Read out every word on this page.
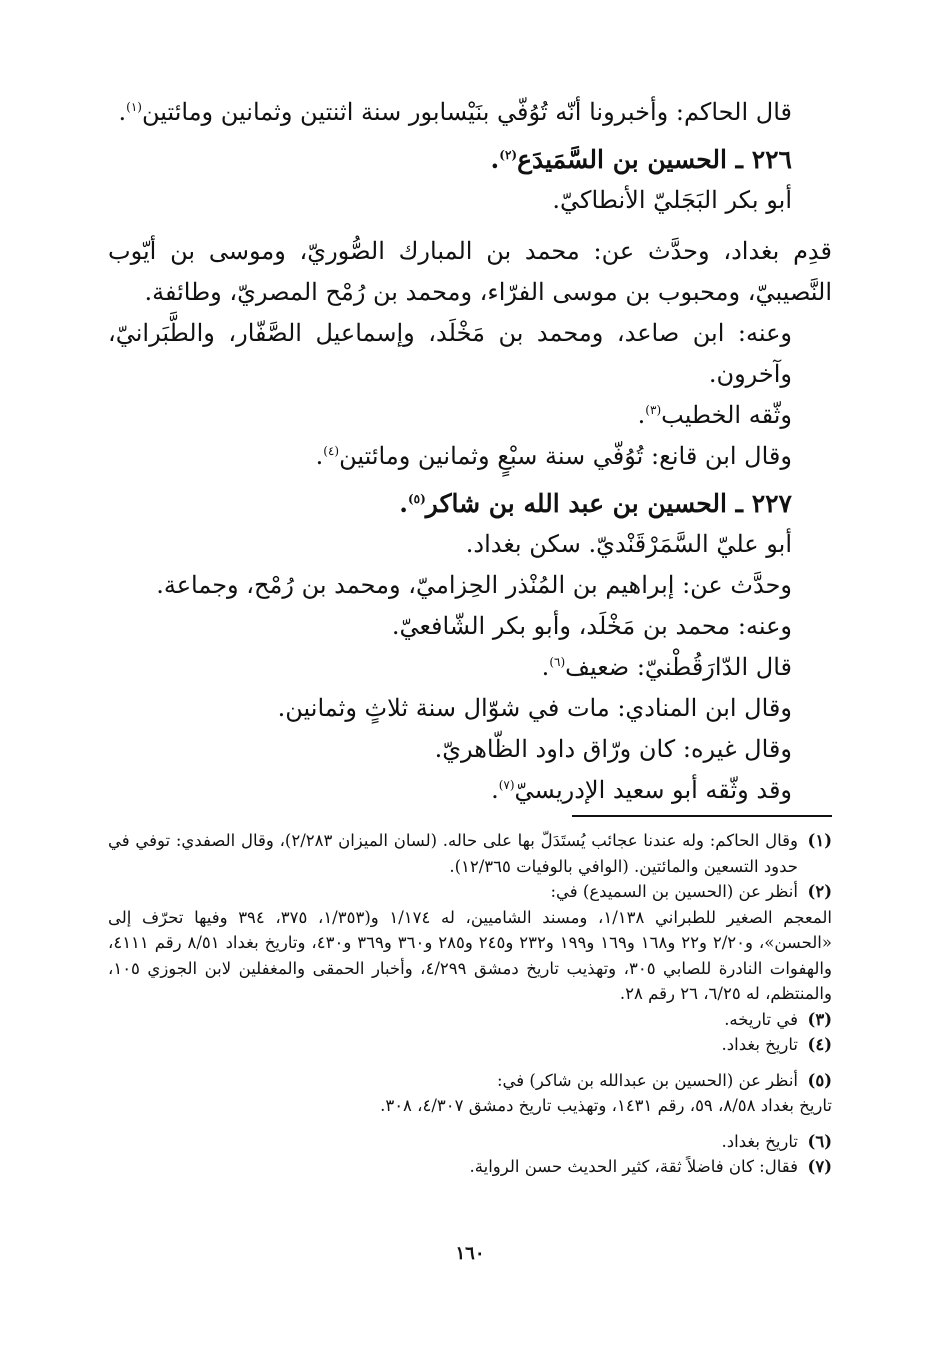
قال الحاكم: وأخبرونا أنّه تُوُفّي بنَيْسابور سنة اثنتين وثمانين ومائتين$^{(١)}$.

٢٢٦ ـ الحسين بن السَّمَيدَع$^{(٢)}$.

أبو بكر البَجَليّ الأنطاكيّ.

قدِم بغداد، وحدَّث عن: محمد بن المبارك الصُّوريّ، وموسى بن أيّوب النَّصيبيّ، ومحبوب بن موسى الفرّاء، ومحمد بن رُمْح المصريّ، وطائفة.

وعنه: ابن صاعد، ومحمد بن مَخْلَد، وإسماعيل الصَّفّار، والطَّبَرانيّ، وآخرون.

وثّقه الخطيب$^{(٣)}$.

وقال ابن قانع: تُوُفّي سنة سبْعٍ وثمانين ومائتين$^{(٤)}$.

٢٢٧ ـ الحسين بن عبد الله بن شاكر$^{(٥)}$.

أبو عليّ السَّمَرْقَنْديّ. سكن بغداد.

وحدَّث عن: إبراهيم بن المُنْذر الحِزاميّ، ومحمد بن رُمْح، وجماعة.

وعنه: محمد بن مَخْلَد، وأبو بكر الشّافعيّ.

قال الدّارَقُطْنيّ: ضعيف$^{(٦)}$.

وقال ابن المنادي: مات في شوّال سنة ثلاثٍ وثمانين.

وقال غيره: كان ورّاق داود الظّاهريّ.

وقد وثّقه أبو سعيد الإدريسيّ$^{(٧)}$.

(١)
وقال الحاكم: وله عندنا عجائب يُستَدَلّ بها على حاله. (لسان الميزان ٢/٢٨٣)، وقال الصفدي: توفي في حدود التسعين والمائتين. (الوافي بالوفيات ١٢/٣٦٥).
(٢)
أنظر عن (الحسين بن السميدع) في:
المعجم الصغير للطبراني ١/١٣٨، ومسند الشاميين، له ١/١٧٤ و(١/٣٥٣، ٣٧٥، ٣٩٤ وفيها تحرّف إلى «الحسن»، و٢/٢٠ و٢٢ و١٦٨ و١٦٩ و١٩٩ و٢٣٢ و٢٤٥ و٢٨٥ و٣٦٠ و٣٦٩ و٤٣٠، وتاريخ بغداد ٨/٥١ رقم ٤١١١، والهفوات النادرة للصابي ٣٠٥، وتهذيب تاريخ دمشق ٤/٢٩٩، وأخبار الحمقى والمغفلين لابن الجوزي ١٠٥، والمنتظم، له ٦/٢٥، ٢٦ رقم ٢٨.
(٣)
في تاريخه.
(٤)
تاريخ بغداد.
(٥)
أنظر عن (الحسين بن عبدالله بن شاكر) في:
تاريخ بغداد ٨/٥٨، ٥٩، رقم ١٤٣١، وتهذيب تاريخ دمشق ٤/٣٠٧، ٣٠٨.
(٦)
تاريخ بغداد.
(٧)
فقال: كان فاضلاً ثقة، كثير الحديث حسن الرواية.
١٦٠
